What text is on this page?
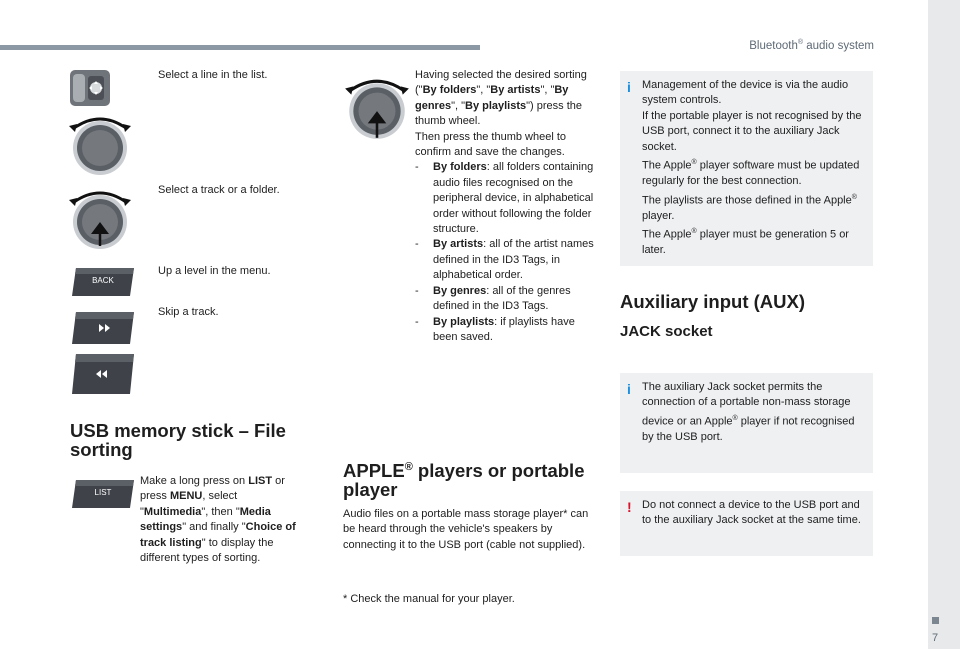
Bluetooth® audio system
7
Select a line in the list.
Select a track or a folder.
BACK
Up a level in the menu.
Skip a track.
USB memory stick – File
sorting
LIST
Make a long press on LIST or press MENU, select "Multimedia", then "Media settings" and finally "Choice of track listing" to display the different types of sorting.
Having selected the desired sorting ("By folders", "By artists", "By genres", "By playlists") press the thumb wheel.
Then press the thumb wheel to confirm and save the changes.
-	By folders: all folders containing audio files recognised on the peripheral device, in alphabetical order without following the folder structure.
-	By artists: all of the artist names defined in the ID3 Tags, in alphabetical order.
-	By genres: all of the genres defined in the ID3 Tags.
-	By playlists: if playlists have been saved.
APPLE® players or portable
player
Audio files on a portable mass storage player* can be heard through the vehicle's speakers by connecting it to the USB port (cable not supplied).
* Check the manual for your player.
i Management of the device is via the audio system controls.
If the portable player is not recognised by the USB port, connect it to the auxiliary Jack socket.
The Apple® player software must be updated regularly for the best connection.
The playlists are those defined in the Apple® player.
The Apple® player must be generation 5 or later.
Auxiliary input (AUX)
JACK socket
i The auxiliary Jack socket permits the connection of a portable non-mass storage device or an Apple® player if not recognised by the USB port.
! Do not connect a device to the USB port and to the auxiliary Jack socket at the same time.
